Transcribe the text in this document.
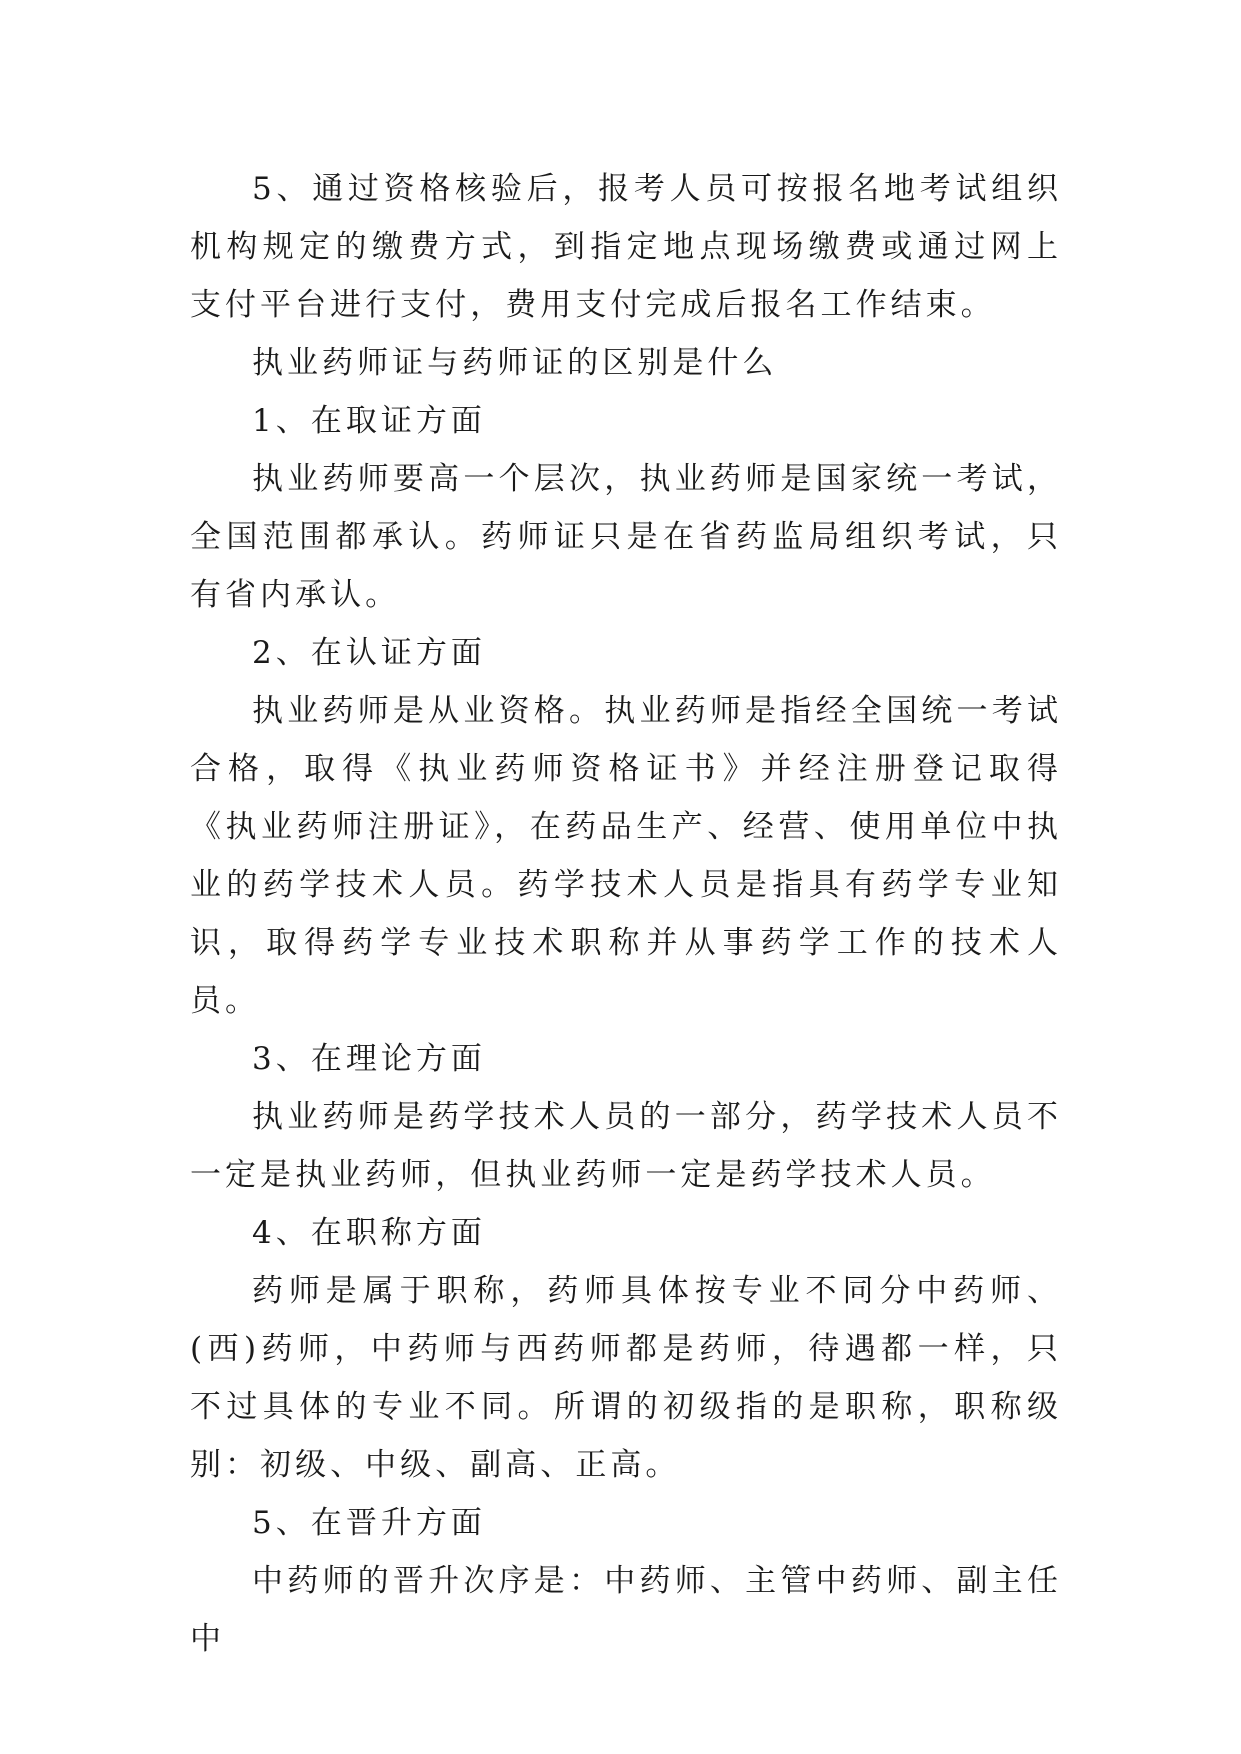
5、通过资格核验后，报考人员可按报名地考试组织机构规定的缴费方式，到指定地点现场缴费或通过网上支付平台进行支付，费用支付完成后报名工作结束。

执业药师证与药师证的区别是什么

1、在取证方面

执业药师要高一个层次，执业药师是国家统一考试，全国范围都承认。药师证只是在省药监局组织考试，只有省内承认。

2、在认证方面

执业药师是从业资格。执业药师是指经全国统一考试合格，取得《执业药师资格证书》并经注册登记取得《执业药师注册证》，在药品生产、经营、使用单位中执业的药学技术人员。药学技术人员是指具有药学专业知识，取得药学专业技术职称并从事药学工作的技术人员。

3、在理论方面

执业药师是药学技术人员的一部分，药学技术人员不一定是执业药师，但执业药师一定是药学技术人员。

4、在职称方面

药师是属于职称，药师具体按专业不同分中药师、(西)药师，中药师与西药师都是药师，待遇都一样，只不过具体的专业不同。所谓的初级指的是职称，职称级别：初级、中级、副高、正高。

5、在晋升方面

中药师的晋升次序是：中药师、主管中药师、副主任中
